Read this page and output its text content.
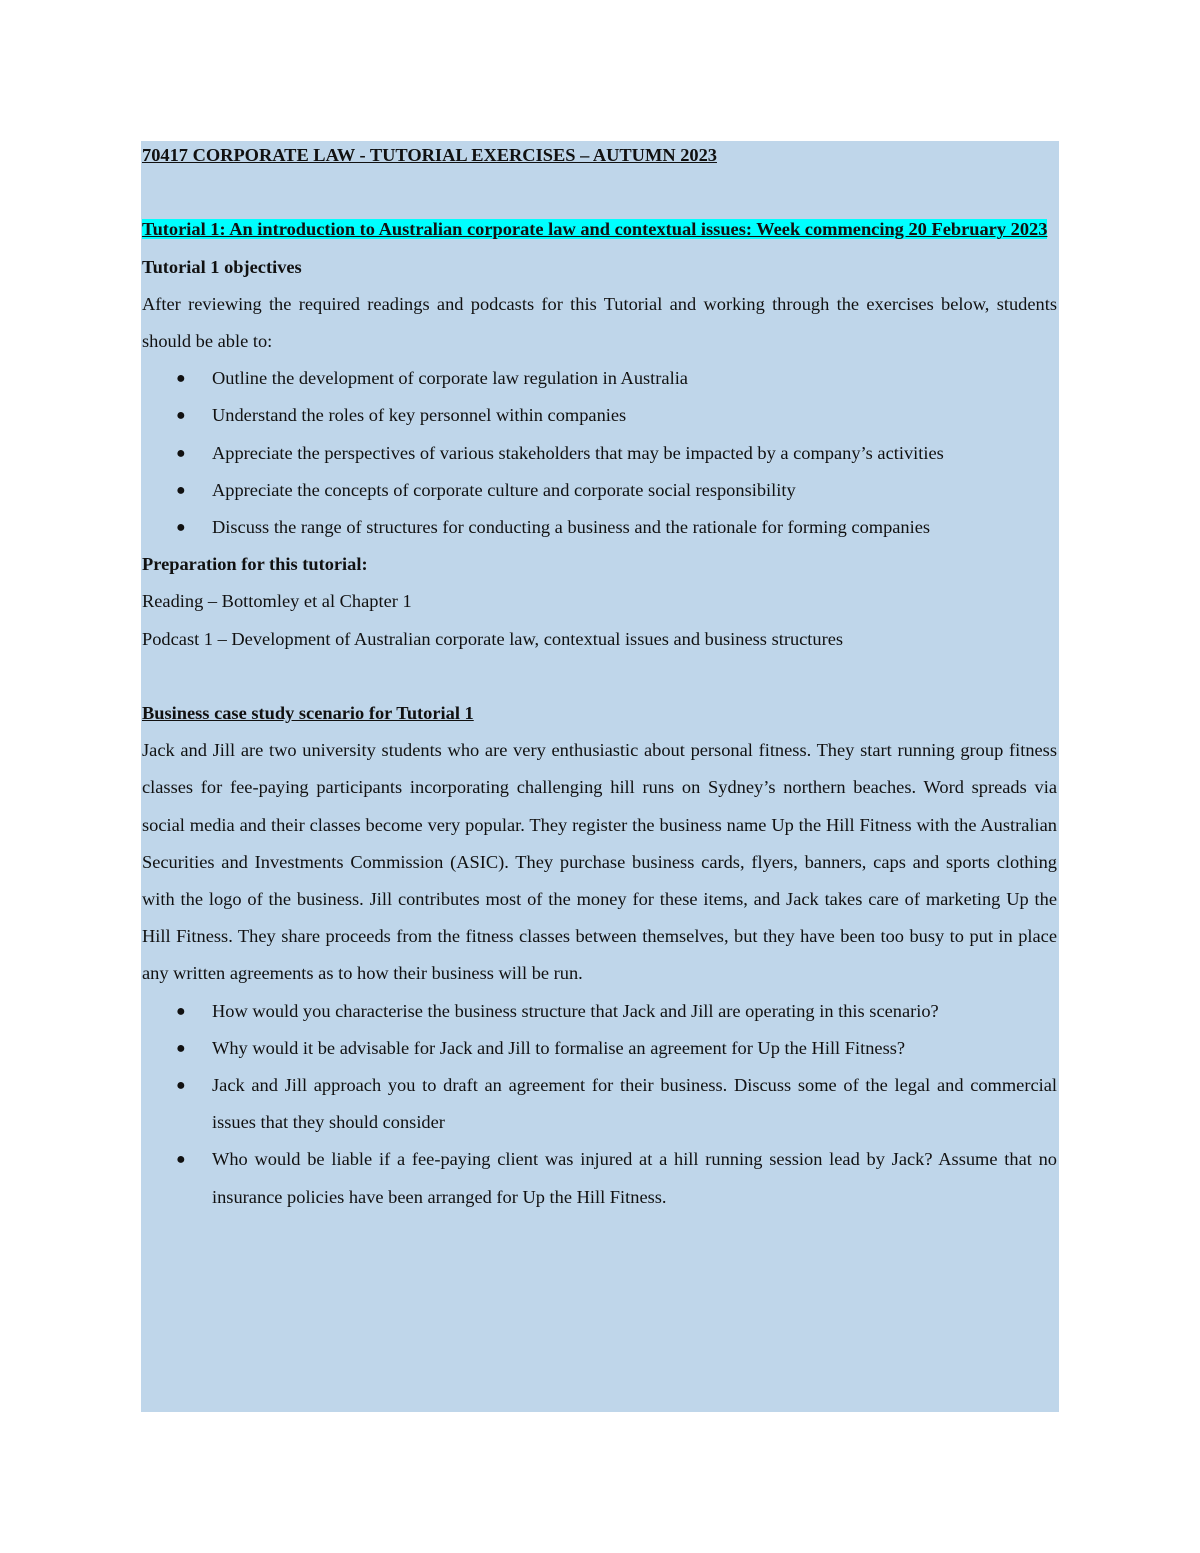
70417 CORPORATE LAW - TUTORIAL EXERCISES – AUTUMN 2023

Tutorial 1: An introduction to Australian corporate law and contextual issues: Week commencing 20 February 2023

Tutorial 1 objectives

After reviewing the required readings and podcasts for this Tutorial and working through the exercises below, students should be able to:

● Outline the development of corporate law regulation in Australia
● Understand the roles of key personnel within companies
● Appreciate the perspectives of various stakeholders that may be impacted by a company’s activities
● Appreciate the concepts of corporate culture and corporate social responsibility
● Discuss the range of structures for conducting a business and the rationale for forming companies

Preparation for this tutorial:

Reading – Bottomley et al Chapter 1

Podcast 1 – Development of Australian corporate law, contextual issues and business structures

Business case study scenario for Tutorial 1

Jack and Jill are two university students who are very enthusiastic about personal fitness. They start running group fitness classes for fee-paying participants incorporating challenging hill runs on Sydney’s northern beaches. Word spreads via social media and their classes become very popular. They register the business name Up the Hill Fitness with the Australian Securities and Investments Commission (ASIC). They purchase business cards, flyers, banners, caps and sports clothing with the logo of the business. Jill contributes most of the money for these items, and Jack takes care of marketing Up the Hill Fitness. They share proceeds from the fitness classes between themselves, but they have been too busy to put in place any written agreements as to how their business will be run.

● How would you characterise the business structure that Jack and Jill are operating in this scenario?
● Why would it be advisable for Jack and Jill to formalise an agreement for Up the Hill Fitness?
● Jack and Jill approach you to draft an agreement for their business. Discuss some of the legal and commercial issues that they should consider
● Who would be liable if a fee-paying client was injured at a hill running session lead by Jack? Assume that no insurance policies have been arranged for Up the Hill Fitness.
